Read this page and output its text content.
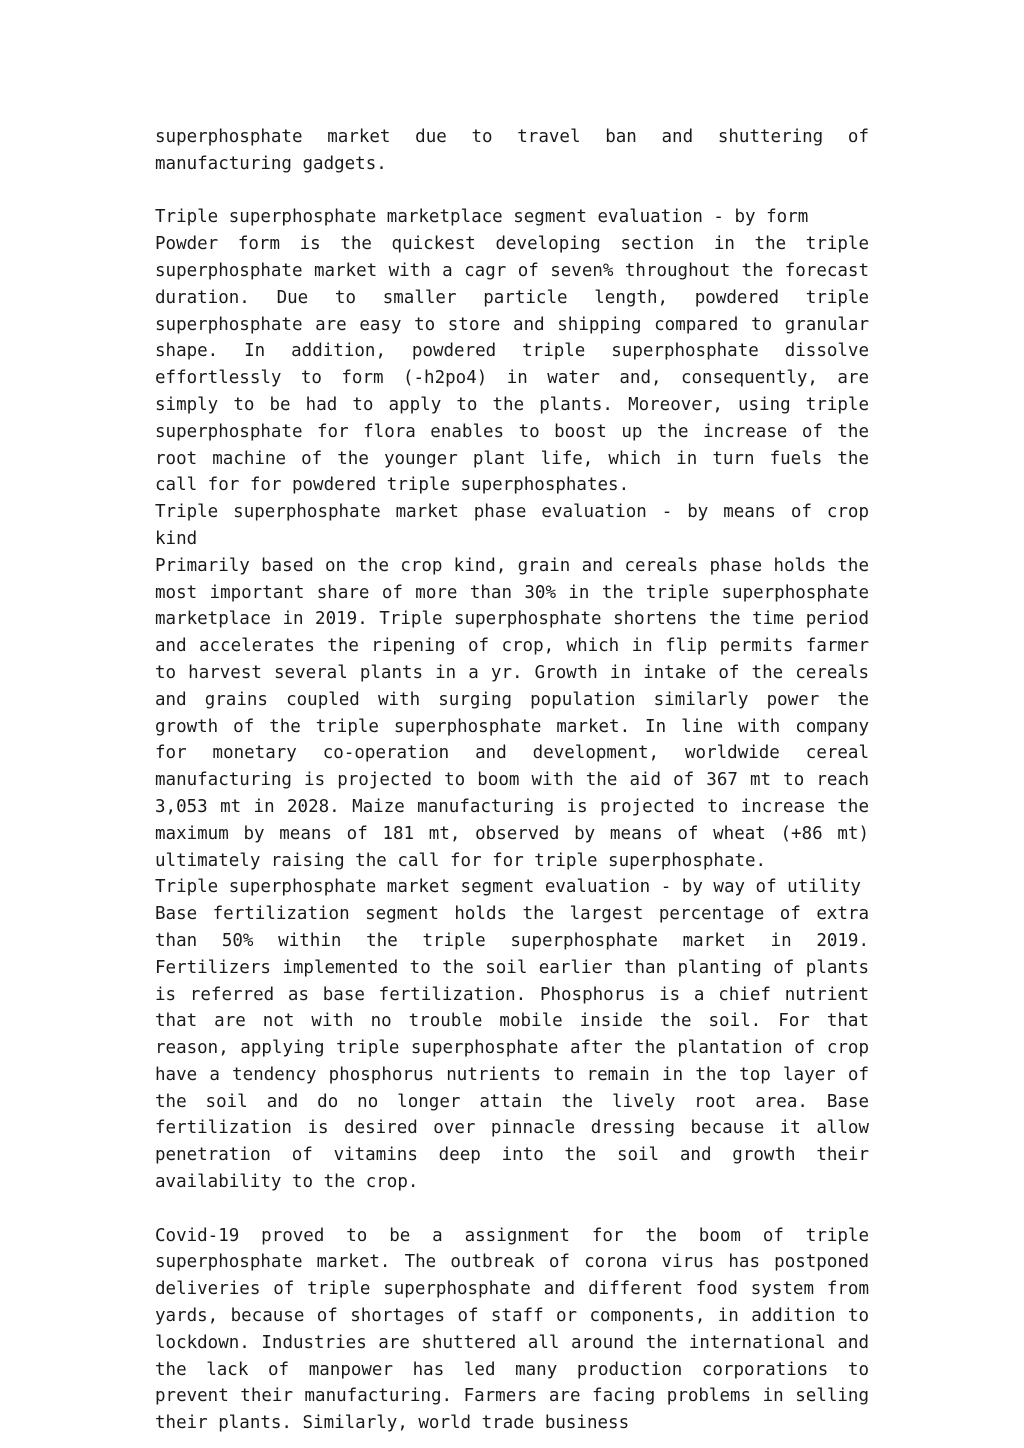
superphosphate market due to travel ban and shuttering of manufacturing gadgets.

Triple superphosphate marketplace segment evaluation - by form

Powder form is the quickest developing section in the triple superphosphate market with a cagr of seven% throughout the forecast duration. Due to smaller particle length, powdered triple superphosphate are easy to store and shipping compared to granular shape. In addition, powdered triple superphosphate dissolve effortlessly to form (-h2po4) in water and, consequently, are simply to be had to apply to the plants. Moreover, using triple superphosphate for flora enables to boost up the increase of the root machine of the younger plant life, which in turn fuels the call for for powdered triple superphosphates.

Triple superphosphate market phase evaluation - by means of crop kind

Primarily based on the crop kind, grain and cereals phase holds the most important share of more than 30% in the triple superphosphate marketplace in 2019. Triple superphosphate shortens the time period and accelerates the ripening of crop, which in flip permits farmer to harvest several plants in a yr. Growth in intake of the cereals and grains coupled with surging population similarly power the growth of the triple superphosphate market. In line with company for monetary co-operation and development, worldwide cereal manufacturing is projected to boom with the aid of 367 mt to reach 3,053 mt in 2028. Maize manufacturing is projected to increase the maximum by means of 181 mt, observed by means of wheat (+86 mt) ultimately raising the call for for triple superphosphate.

Triple superphosphate market segment evaluation - by way of utility

Base fertilization segment holds the largest percentage of extra than 50% within the triple superphosphate market in 2019. Fertilizers implemented to the soil earlier than planting of plants is referred as base fertilization. Phosphorus is a chief nutrient that are not with no trouble mobile inside the soil. For that reason, applying triple superphosphate after the plantation of crop have a tendency phosphorus nutrients to remain in the top layer of the soil and do no longer attain the lively root area. Base fertilization is desired over pinnacle dressing because it allow penetration of vitamins deep into the soil and growth their availability to the crop.

Covid-19 proved to be a assignment for the boom of triple superphosphate market. The outbreak of corona virus has postponed deliveries of triple superphosphate and different food system from yards, because of shortages of staff or components, in addition to lockdown. Industries are shuttered all around the international and the lack of manpower has led many production corporations to prevent their manufacturing. Farmers are facing problems in selling their plants. Similarly, world trade business
